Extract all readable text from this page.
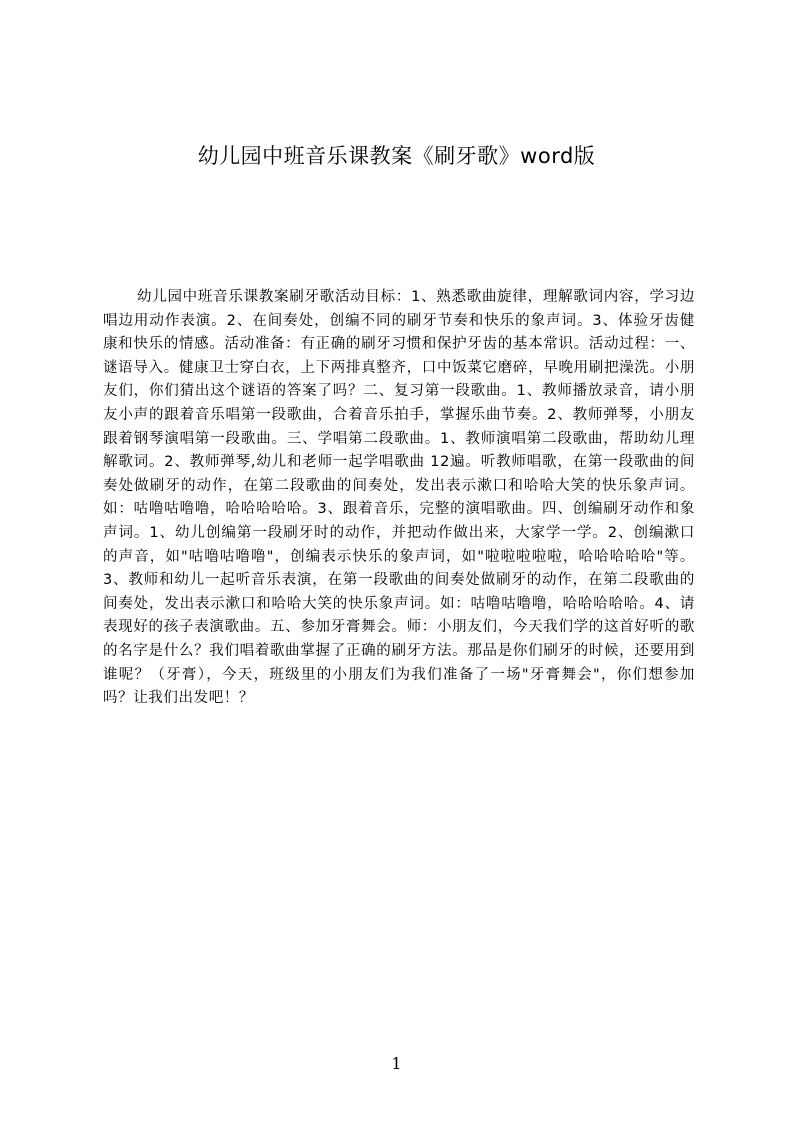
幼儿园中班音乐课教案《刷牙歌》word版

幼儿园中班音乐课教案刷牙歌活动目标：1、熟悉歌曲旋律，理解歌词内容，学习边唱边用动作表演。2、在间奏处，创编不同的刷牙节奏和快乐的象声词。3、体验牙齿健康和快乐的情感。活动准备：有正确的刷牙习惯和保护牙齿的基本常识。活动过程：一、谜语导入。健康卫士穿白衣，上下两排真整齐，口中饭菜它磨碎，早晚用刷把澡洗。小朋友们，你们猜出这个谜语的答案了吗？二、复习第一段歌曲。1、教师播放录音，请小朋友小声的跟着音乐唱第一段歌曲，合着音乐拍手，掌握乐曲节奏。2、教师弹琴，小朋友跟着钢琴演唱第一段歌曲。三、学唱第二段歌曲。1、教师演唱第二段歌曲，帮助幼儿理解歌词。2、教师弹琴,幼儿和老师一起学唱歌曲 12遍。听教师唱歌，在第一段歌曲的间奏处做刷牙的动作，在第二段歌曲的间奏处，发出表示漱口和哈哈大笑的快乐象声词。如：咕噜咕噜噜，哈哈哈哈哈。3、跟着音乐，完整的演唱歌曲。四、创编刷牙动作和象声词。1、幼儿创编第一段刷牙时的动作，并把动作做出来，大家学一学。2、创编漱口的声音，如"咕噜咕噜噜"，创编表示快乐的象声词，如"啦啦啦啦啦，哈哈哈哈哈"等。3、教师和幼儿一起听音乐表演，在第一段歌曲的间奏处做刷牙的动作，在第二段歌曲的间奏处，发出表示漱口和哈哈大笑的快乐象声词。如：咕噜咕噜噜，哈哈哈哈哈。4、请表现好的孩子表演歌曲。五、参加牙膏舞会。师：小朋友们，今天我们学的这首好听的歌的名字是什么？我们唱着歌曲掌握了正确的刷牙方法。那品是你们刷牙的时候，还要用到谁呢？（牙膏），今天，班级里的小朋友们为我们准备了一场"牙膏舞会"，你们想参加吗？让我们出发吧！？

1
